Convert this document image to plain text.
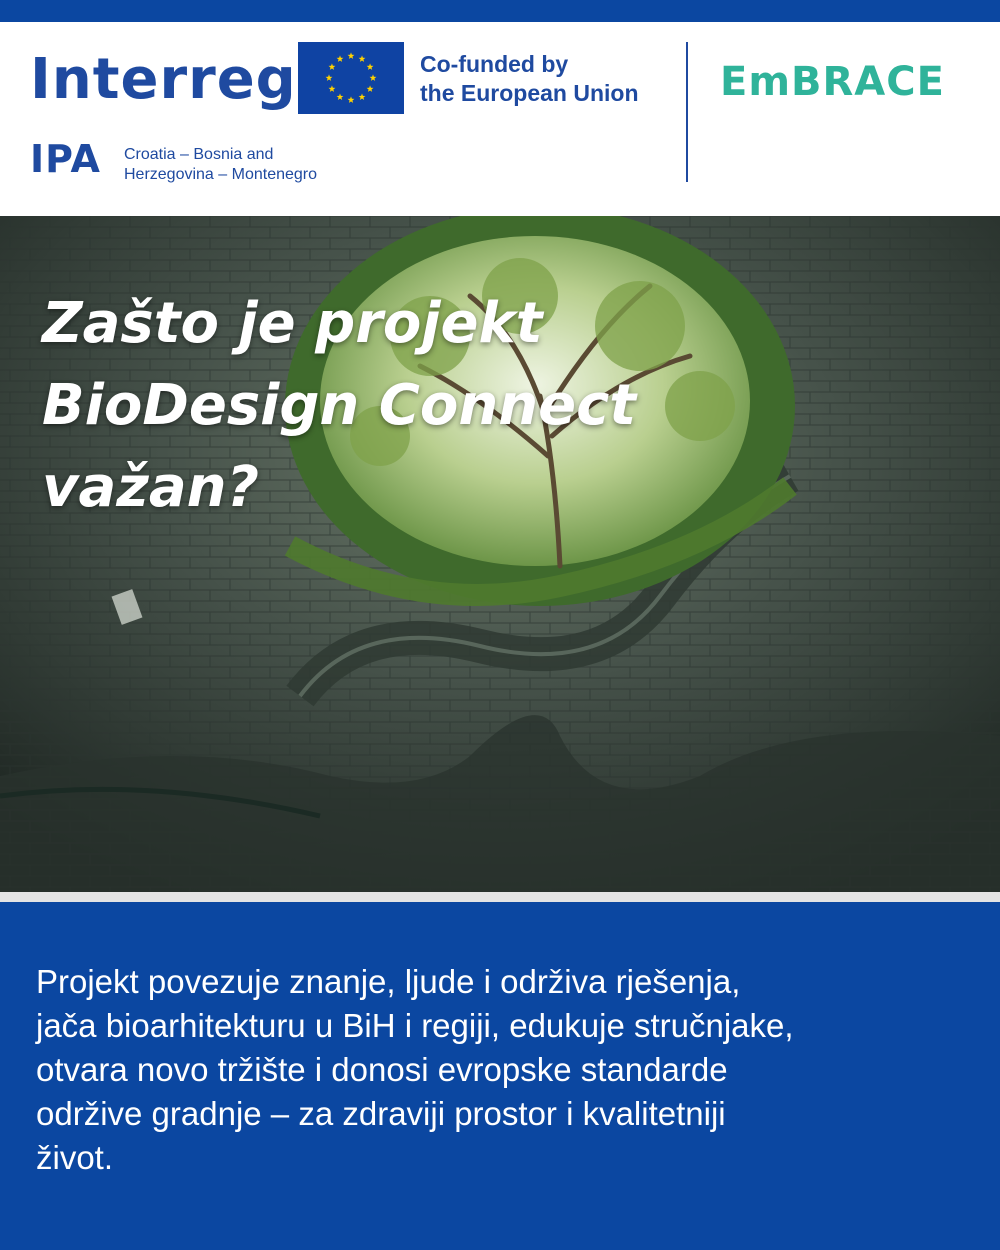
Interreg	Co-funded by
the European Union
IPA Croatia – Bosnia and
Herzegovina – Montenegro
EmBRACE
Zašto je projekt
BioDesign Connect
važan?
Projekt povezuje znanje, ljude i održiva rješenja,
jača bioarhitekturu u BiH i regiji, edukuje stručnjake,
otvara novo tržište i donosi evropske standarde
održive gradnje – za zdraviji prostor i kvalitetniji
život.
